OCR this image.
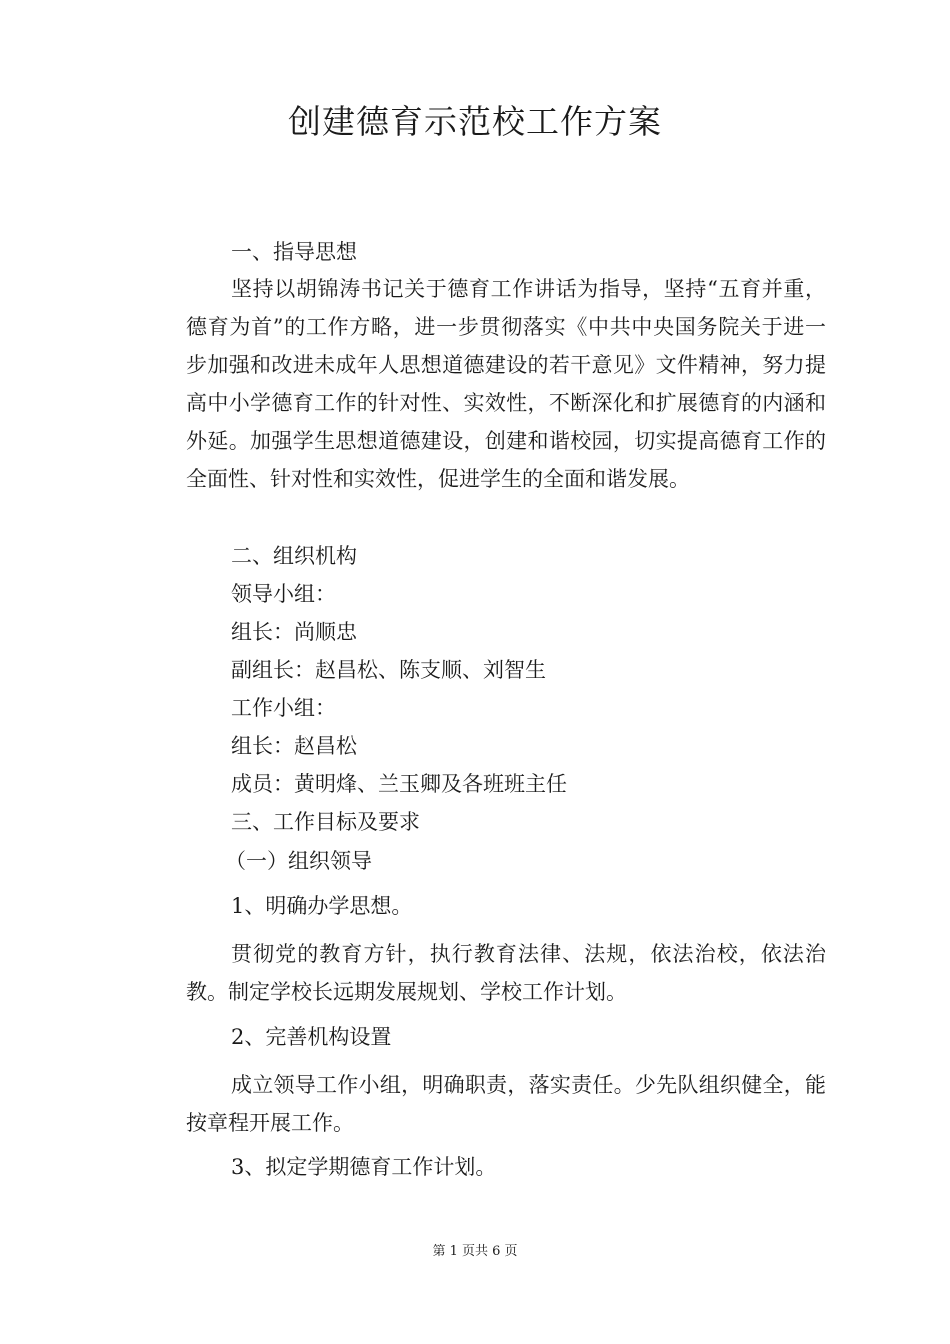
创建德育示范校工作方案
一、指导思想

坚持以胡锦涛书记关于德育工作讲话为指导，坚持“五育并重，德育为首”的工作方略，进一步贯彻落实《中共中央国务院关于进一步加强和改进未成年人思想道德建设的若干意见》文件精神，努力提高中小学德育工作的针对性、实效性，不断深化和扩展德育的内涵和外延。加强学生思想道德建设，创建和谐校园，切实提高德育工作的全面性、针对性和实效性，促进学生的全面和谐发展。

二、组织机构
领导小组：
组长：尚顺忠
副组长：赵昌松、陈支顺、刘智生
工作小组：
组长：赵昌松
成员：黄明烽、兰玉卿及各班班主任
三、工作目标及要求
（一）组织领导
1、明确办学思想。

贯彻党的教育方针，执行教育法律、法规，依法治校，依法治教。制定学校长远期发展规划、学校工作计划。

2、完善机构设置

成立领导工作小组，明确职责，落实责任。少先队组织健全，能按章程开展工作。

3、拟定学期德育工作计划。
第 1 页共 6 页
